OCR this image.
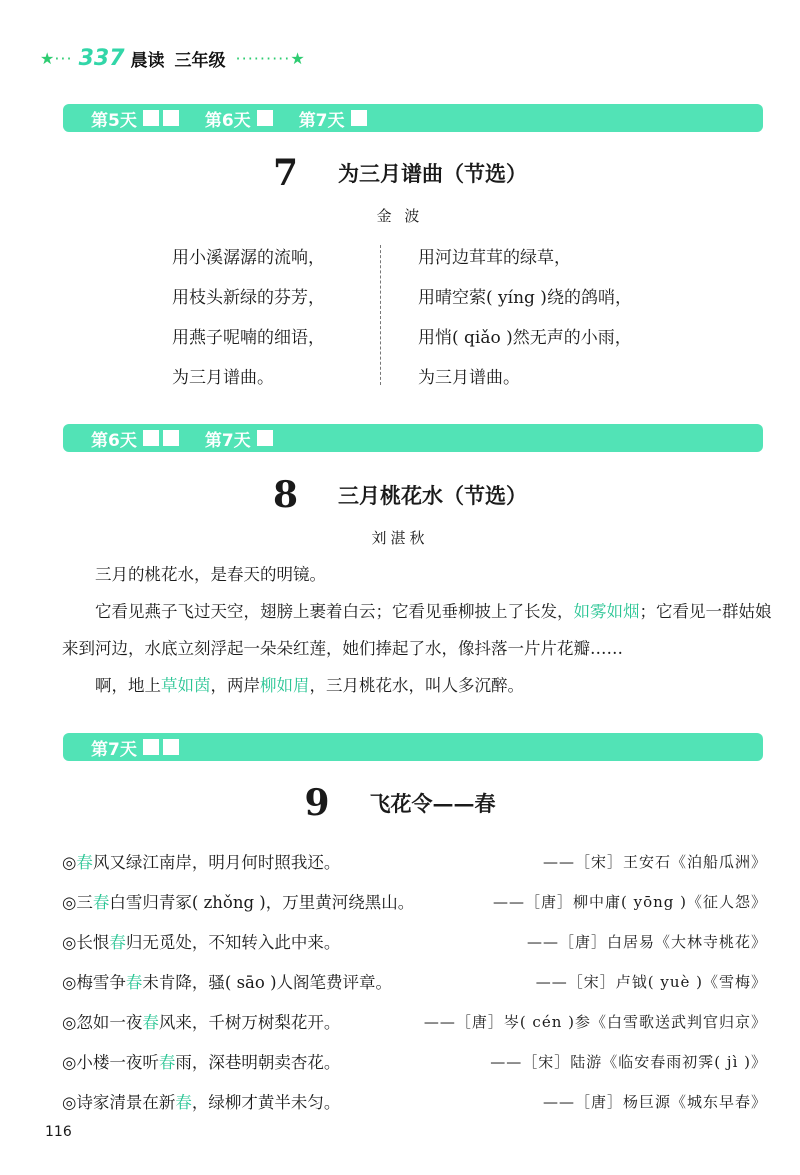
★ ··· 337 晨读 三年级 ········· ★
第5天	第6天	第7天
7 为三月谱曲（节选）
金 波
用小溪潺潺的流响，
用枝头新绿的芬芳，
用燕子呢喃的细语，
为三月谱曲。
用河边茸茸的绿草，
用晴空萦( yíng )绕的鸽哨，
用悄( qiǎo )然无声的小雨，
为三月谱曲。
第6天	第7天
8 三月桃花水（节选）
刘湛秋

三月的桃花水，是春天的明镜。

它看见燕子飞过天空，翅膀上裹着白云；它看见垂柳披上了长发，如雾如烟；它看见一群姑娘来到河边，水底立刻浮起一朵朵红莲，她们捧起了水，像抖落一片片花瓣……

啊，地上草如茵，两岸柳如眉，三月桃花水，叫人多沉醉。

第7天
9 飞花令——春
◎春风又绿江南岸，明月何时照我还。	——［宋］王安石《泊船瓜洲》
◎三春白雪归青冢( zhǒng )，万里黄河绕黑山。	——［唐］柳中庸( yōng )《征人怨》
◎长恨春归无觅处，不知转入此中来。	——［唐］白居易《大林寺桃花》
◎梅雪争春未肯降，骚( sāo )人阁笔费评章。	——［宋］卢钺( yuè )《雪梅》
◎忽如一夜春风来，千树万树梨花开。	——［唐］岑( cén )参《白雪歌送武判官归京》
◎小楼一夜听春雨，深巷明朝卖杏花。	——［宋］陆游《临安春雨初霁( jì )》
◎诗家清景在新春，绿柳才黄半未匀。	——［唐］杨巨源《城东早春》
116
